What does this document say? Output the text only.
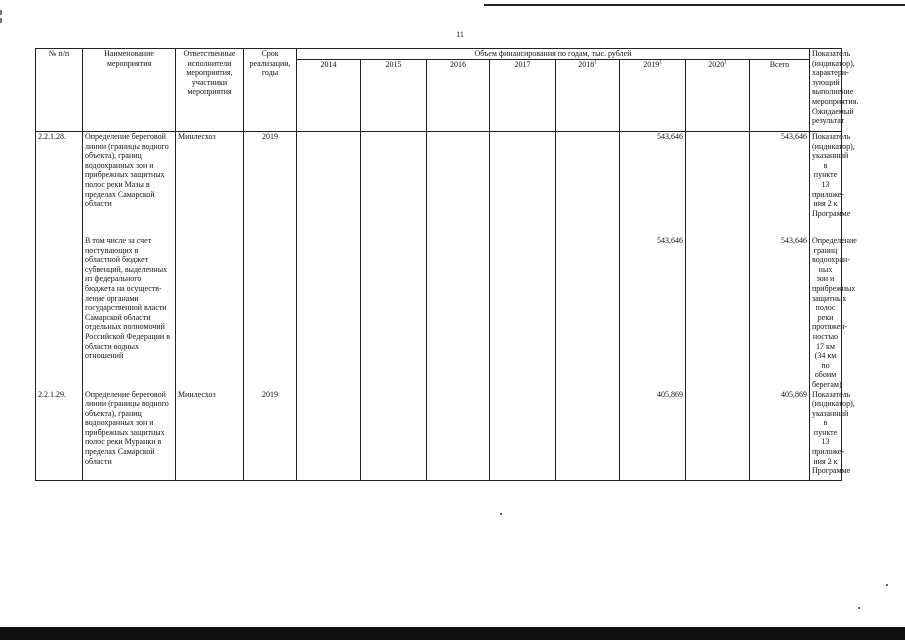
11
№ п/п	Наименование мероприятия	Ответственные исполнители мероприятия, участники мероприятия	Срок реализации, годы	Объем финансирования по годам, тыс. рублей								Показатель (индикатор), характери-зующий выполнение мероприятия. Ожидаемый результат
				2014	2015	2016	2017	2018$^1$	2019$^1$	2020$^1$	Всего	
2.2.1.28.	Определение береговой линии (границы водного объекта), границ водоохранных зон и прибрежных защитных полос реки Мазы в пределах Самарской области	Минлесхоз	2019						543,646		543,646	Показатель (индикатор), указанный в пункте 13 приложе-ния 2 к Программе
	В том числе за счет поступающих в областной бюджет субвенций, выделенных из федерального бюджета на осуществ-ление органами государственной власти Самарской области отдельных полномочий Российской Федерации в области водных отношений								543,646		543,646	Определение границ водоохран-ных зон и прибрежных защитных полос реки протяжен-ностью 17 км (34 км по обоим берегам)
2.2.1.29.	Определение береговой линии (границы водного объекта), границ водоохранных зон и прибрежных защитных полос реки Муранки в пределах Самарской области	Минлесхоз	2019						405,869		405,869	Показатель (индикатор), указанный в пункте 13 приложе-ния 2 к Программе
